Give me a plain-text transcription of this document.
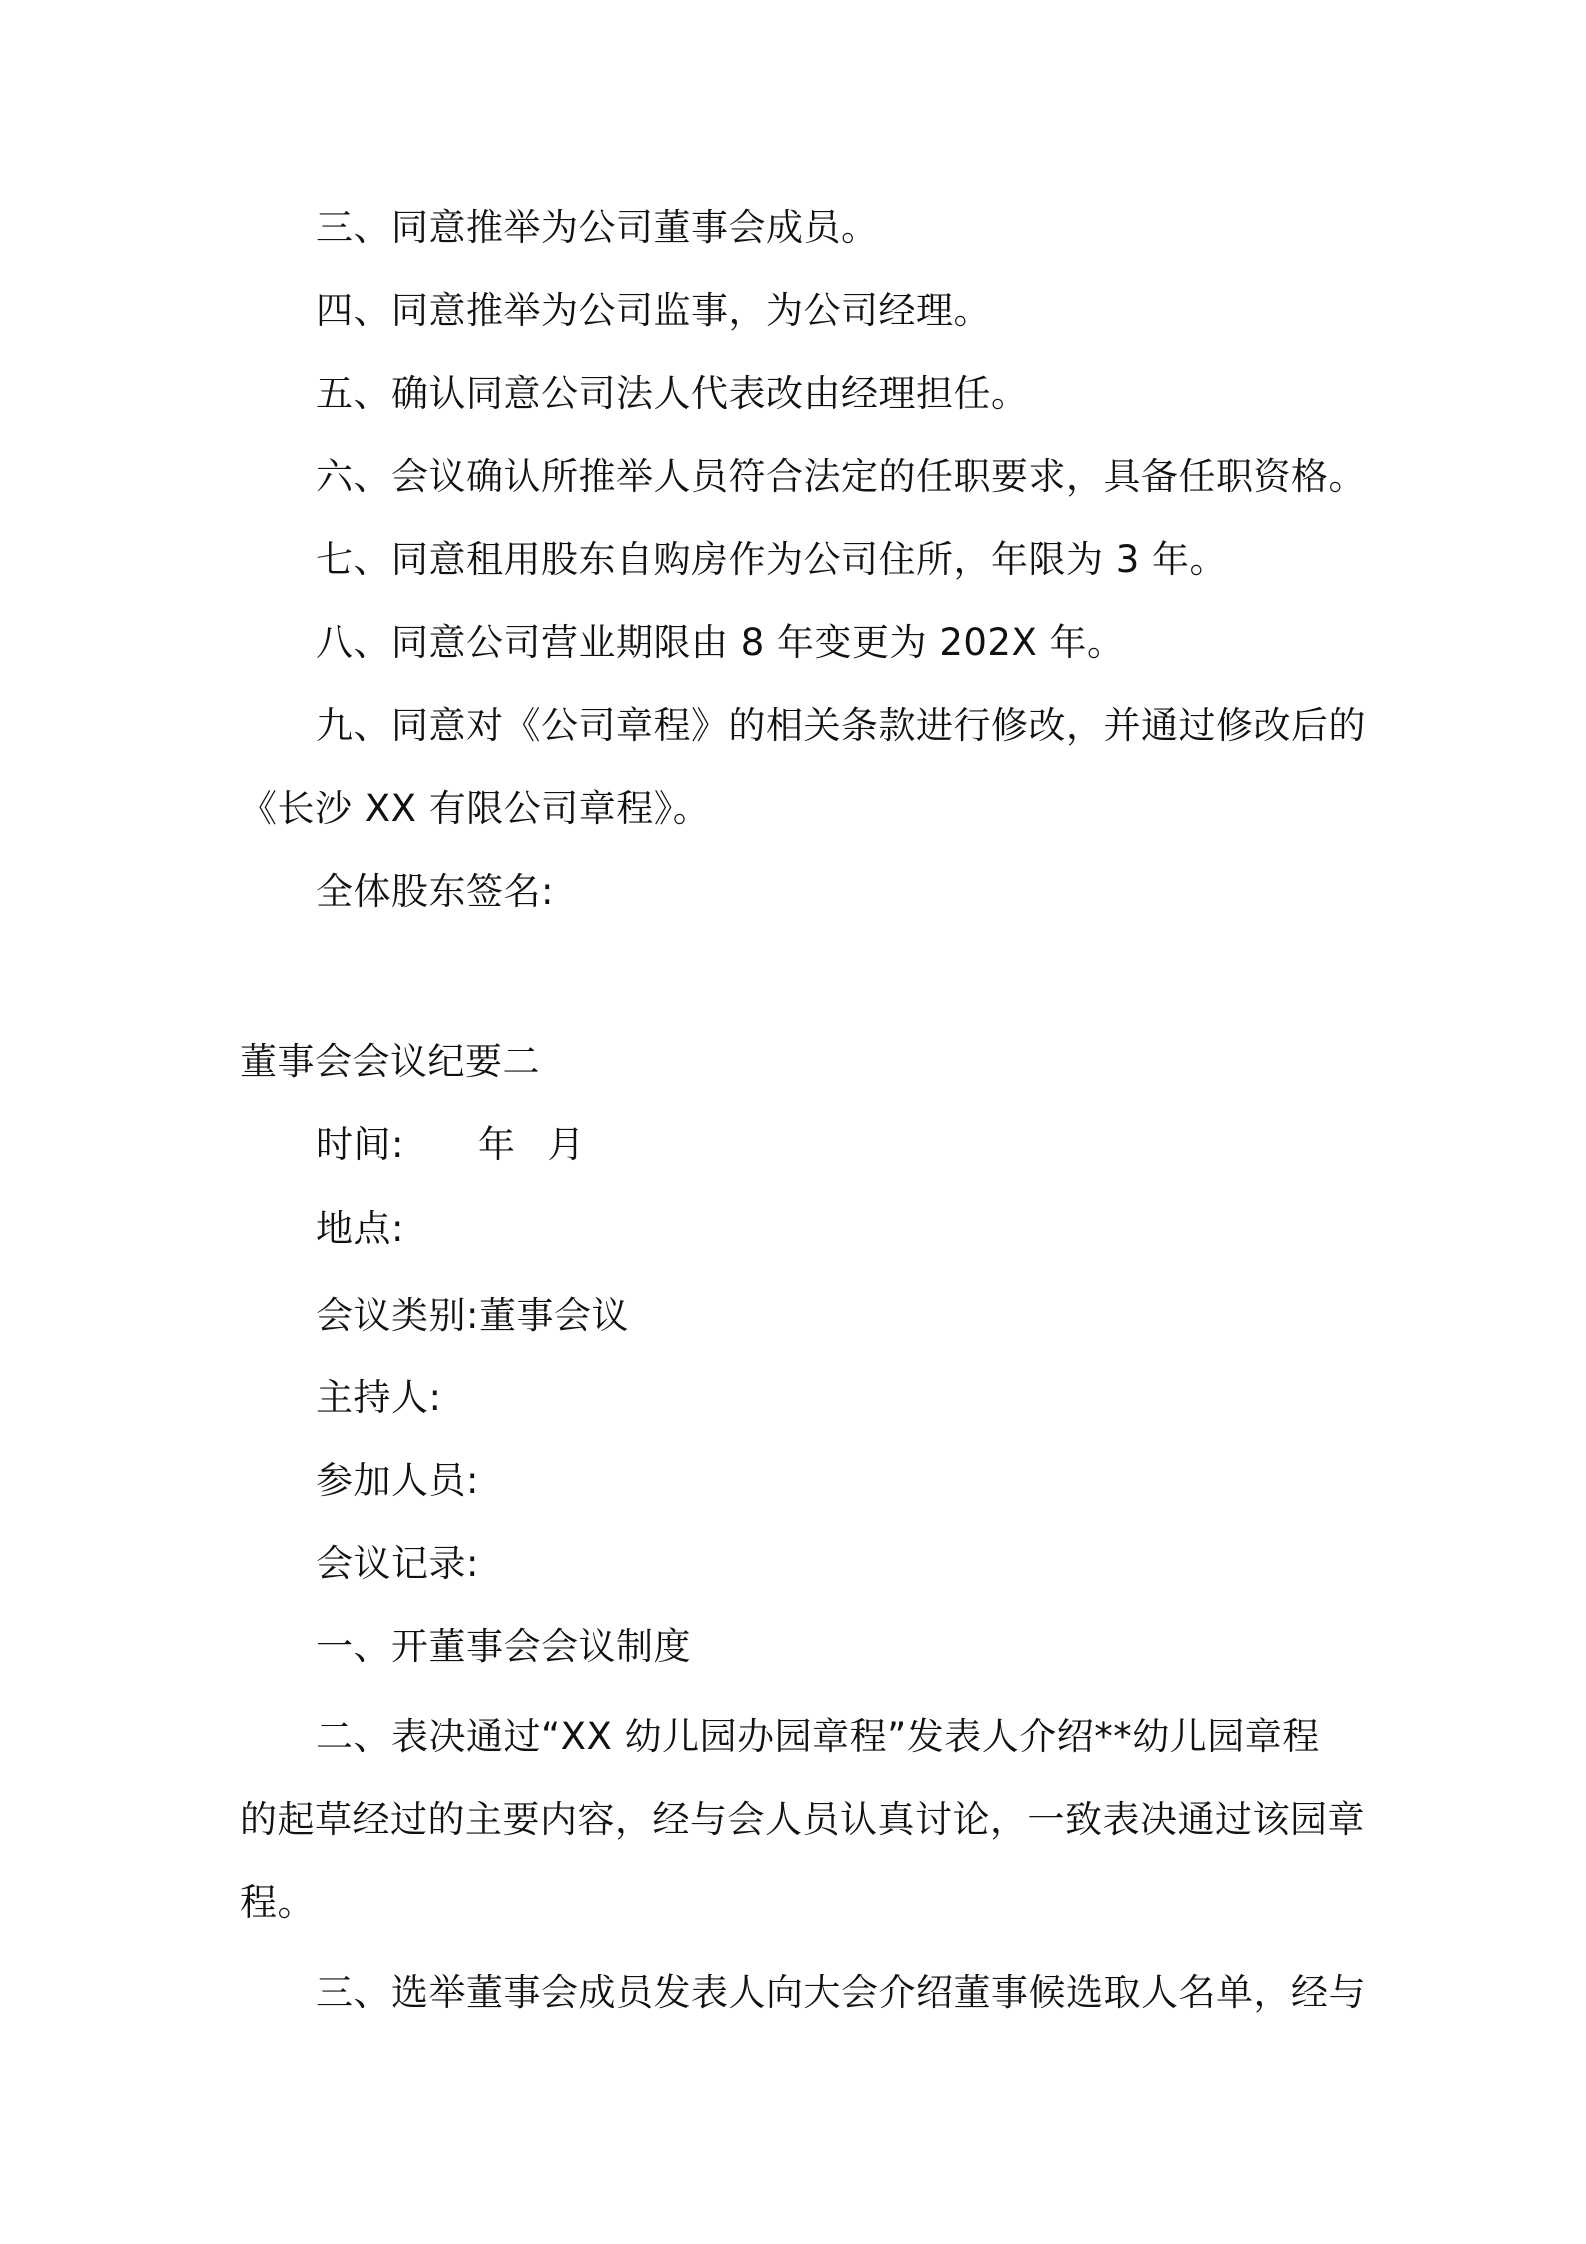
三、同意推举为公司董事会成员。

四、同意推举为公司监事，为公司经理。

五、确认同意公司法人代表改由经理担任。

六、会议确认所推举人员符合法定的任职要求，具备任职资格。

七、同意租用股东自购房作为公司住所，年限为 3 年。

八、同意公司营业期限由 8 年变更为 202X 年。

九、同意对《公司章程》的相关条款进行修改，并通过修改后的

《长沙 XX 有限公司章程》。

全体股东签名:

董事会会议纪要二

时间: 年 月

地点:

会议类别:董事会议

主持人:

参加人员:

会议记录:

一、开董事会会议制度

二、表决通过“XX 幼儿园办园章程”发表人介绍**幼儿园章程

的起草经过的主要内容，经与会人员认真讨论，一致表决通过该园章

程。

三、选举董事会成员发表人向大会介绍董事候选取人名单，经与
